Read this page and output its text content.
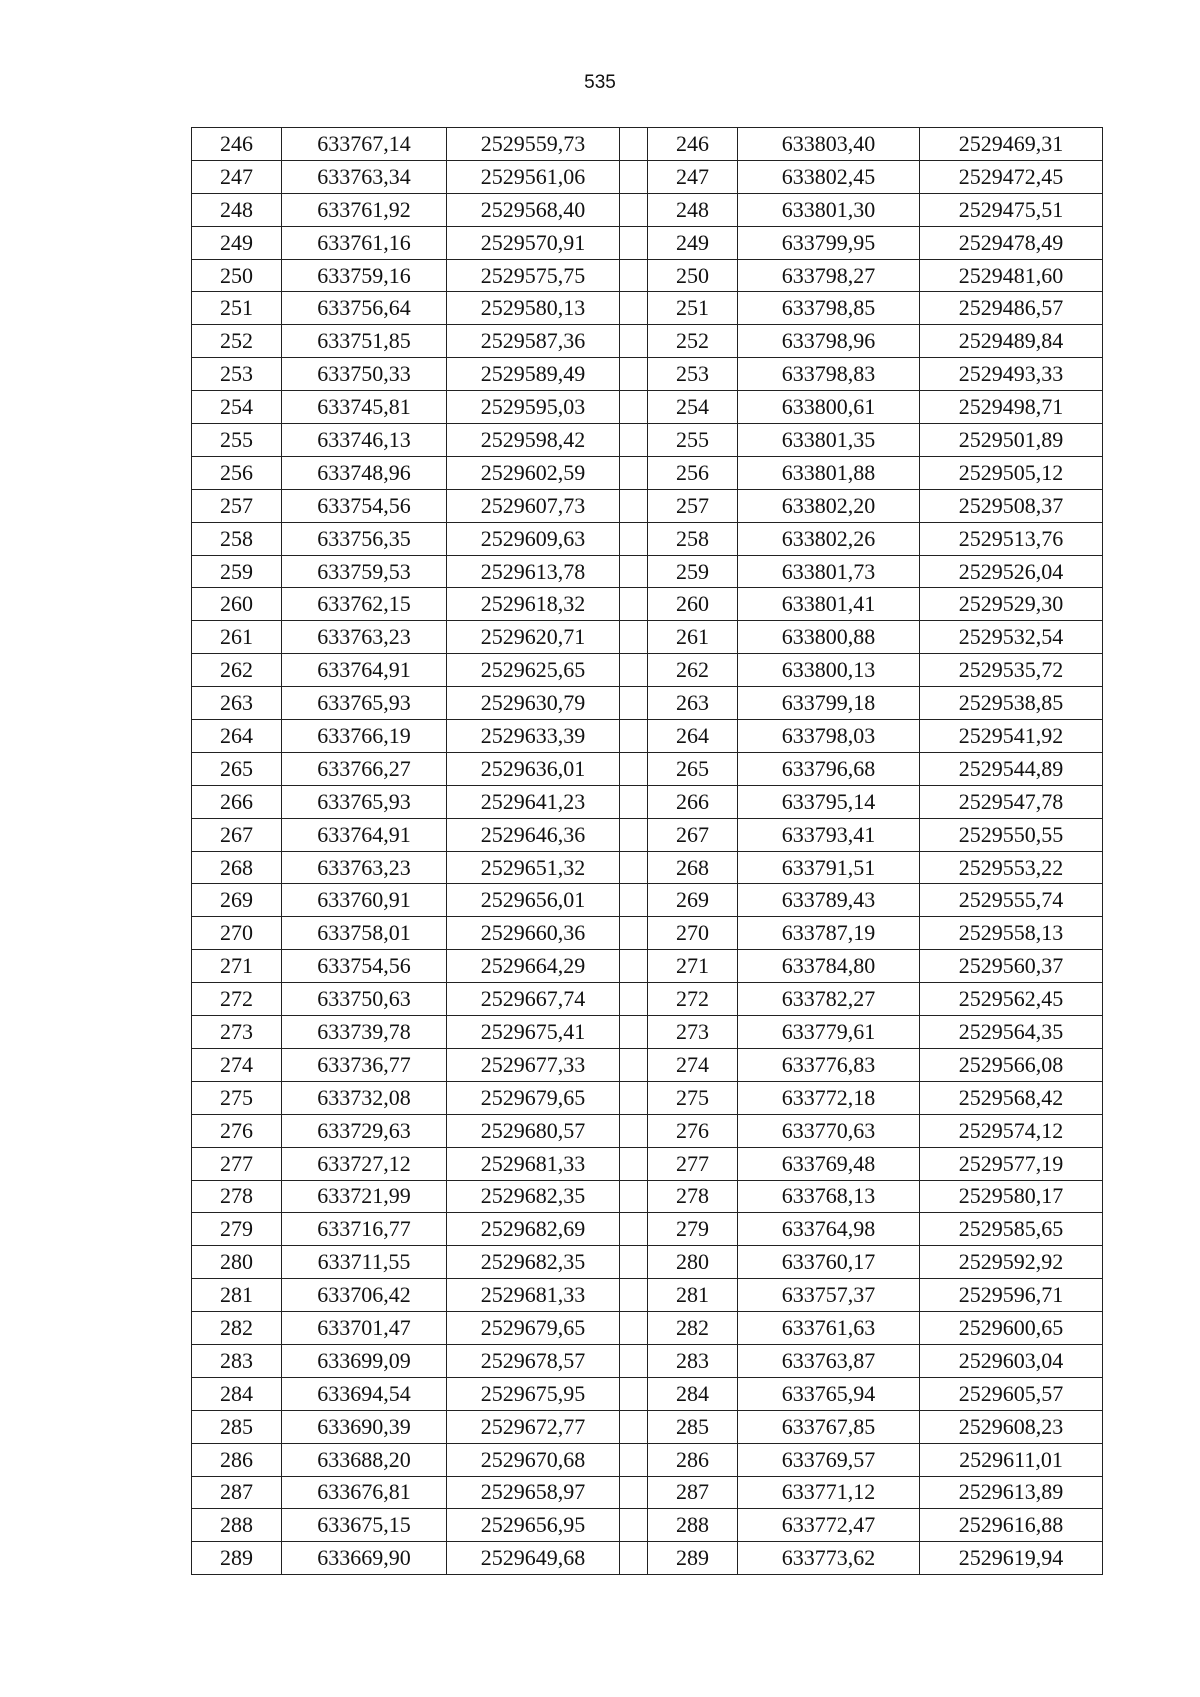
535
246	633767,14	2529559,73		246	633803,40	2529469,31
247	633763,34	2529561,06		247	633802,45	2529472,45
248	633761,92	2529568,40		248	633801,30	2529475,51
249	633761,16	2529570,91		249	633799,95	2529478,49
250	633759,16	2529575,75		250	633798,27	2529481,60
251	633756,64	2529580,13		251	633798,85	2529486,57
252	633751,85	2529587,36		252	633798,96	2529489,84
253	633750,33	2529589,49		253	633798,83	2529493,33
254	633745,81	2529595,03		254	633800,61	2529498,71
255	633746,13	2529598,42		255	633801,35	2529501,89
256	633748,96	2529602,59		256	633801,88	2529505,12
257	633754,56	2529607,73		257	633802,20	2529508,37
258	633756,35	2529609,63		258	633802,26	2529513,76
259	633759,53	2529613,78		259	633801,73	2529526,04
260	633762,15	2529618,32		260	633801,41	2529529,30
261	633763,23	2529620,71		261	633800,88	2529532,54
262	633764,91	2529625,65		262	633800,13	2529535,72
263	633765,93	2529630,79		263	633799,18	2529538,85
264	633766,19	2529633,39		264	633798,03	2529541,92
265	633766,27	2529636,01		265	633796,68	2529544,89
266	633765,93	2529641,23		266	633795,14	2529547,78
267	633764,91	2529646,36		267	633793,41	2529550,55
268	633763,23	2529651,32		268	633791,51	2529553,22
269	633760,91	2529656,01		269	633789,43	2529555,74
270	633758,01	2529660,36		270	633787,19	2529558,13
271	633754,56	2529664,29		271	633784,80	2529560,37
272	633750,63	2529667,74		272	633782,27	2529562,45
273	633739,78	2529675,41		273	633779,61	2529564,35
274	633736,77	2529677,33		274	633776,83	2529566,08
275	633732,08	2529679,65		275	633772,18	2529568,42
276	633729,63	2529680,57		276	633770,63	2529574,12
277	633727,12	2529681,33		277	633769,48	2529577,19
278	633721,99	2529682,35		278	633768,13	2529580,17
279	633716,77	2529682,69		279	633764,98	2529585,65
280	633711,55	2529682,35		280	633760,17	2529592,92
281	633706,42	2529681,33		281	633757,37	2529596,71
282	633701,47	2529679,65		282	633761,63	2529600,65
283	633699,09	2529678,57		283	633763,87	2529603,04
284	633694,54	2529675,95		284	633765,94	2529605,57
285	633690,39	2529672,77		285	633767,85	2529608,23
286	633688,20	2529670,68		286	633769,57	2529611,01
287	633676,81	2529658,97		287	633771,12	2529613,89
288	633675,15	2529656,95		288	633772,47	2529616,88
289	633669,90	2529649,68		289	633773,62	2529619,94
